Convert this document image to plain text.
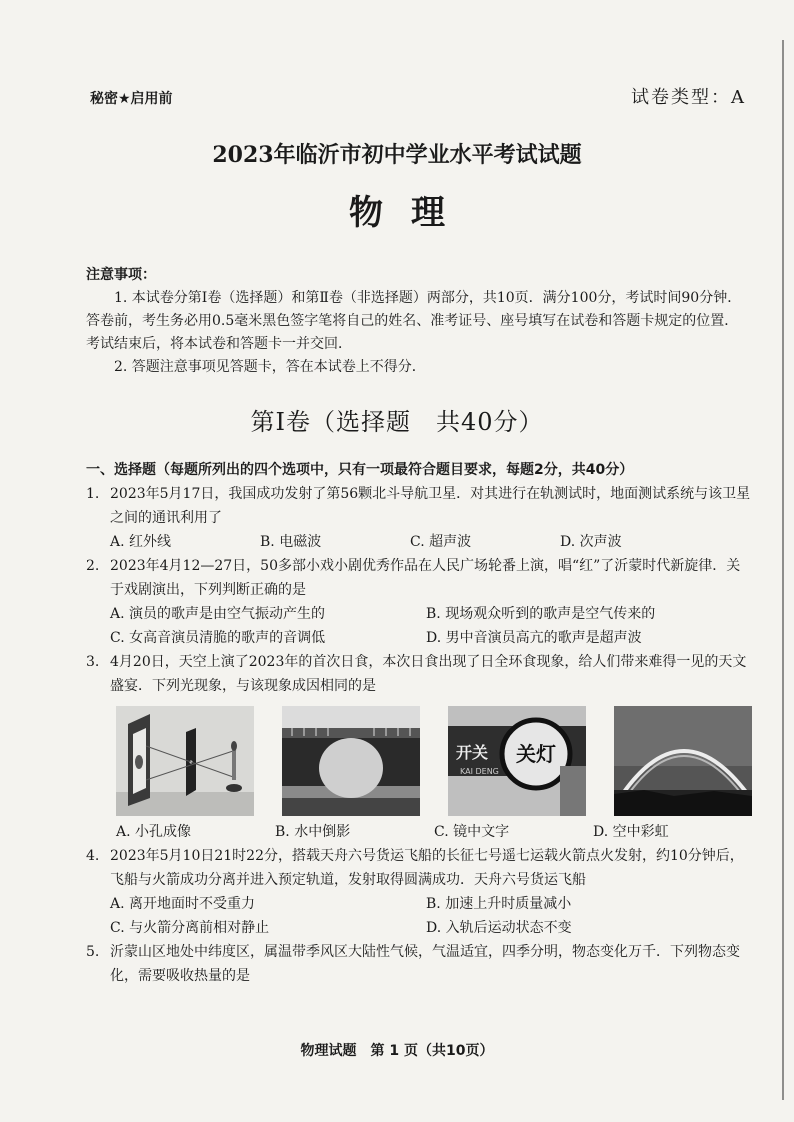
秘密★启用前	试卷类型：A
2023年临沂市初中学业水平考试试题
物理

注意事项：

1. 本试卷分第Ⅰ卷（选择题）和第Ⅱ卷（非选择题）两部分，共10页．满分100分，考试时间90分钟．答卷前，考生务必用0.5毫米黑色签字笔将自己的姓名、准考证号、座号填写在试卷和答题卡规定的位置．考试结束后，将本试卷和答题卡一并交回．

2. 答题注意事项见答题卡，答在本试卷上不得分．

第Ⅰ卷（选择题　共40分）

一、选择题（每题所列出的四个选项中，只有一项最符合题目要求，每题2分，共40分）

1. 2023年5月17日，我国成功发射了第56颗北斗导航卫星．对其进行在轨测试时，地面测试系统与该卫星之间的通讯利用了

A. 红外线	B. 电磁波	C. 超声波	D. 次声波

2. 2023年4月12—27日，50多部小戏小剧优秀作品在人民广场轮番上演，唱“红”了沂蒙时代新旋律．关于戏剧演出，下列判断正确的是

A. 演员的歌声是由空气振动产生的	B. 现场观众听到的歌声是空气传来的
C. 女高音演员清脆的歌声的音调低	D. 男中音演员高亢的歌声是超声波

3. 4月20日，天空上演了2023年的首次日食，本次日食出现了日全环食现象，给人们带来难得一见的天文盛宴．下列光现象，与该现象成因相同的是

开关
KAI DENG
关灯
A. 小孔成像	B. 水中倒影	C. 镜中文字	D. 空中彩虹

4. 2023年5月10日21时22分，搭载天舟六号货运飞船的长征七号遥七运载火箭点火发射，约10分钟后，飞船与火箭成功分离并进入预定轨道，发射取得圆满成功．天舟六号货运飞船

A. 离开地面时不受重力	B. 加速上升时质量减小
C. 与火箭分离前相对静止	D. 入轨后运动状态不变

5. 沂蒙山区地处中纬度区，属温带季风区大陆性气候，气温适宜，四季分明，物态变化万千．下列物态变化，需要吸收热量的是

物理试题　第 1 页（共10页）
